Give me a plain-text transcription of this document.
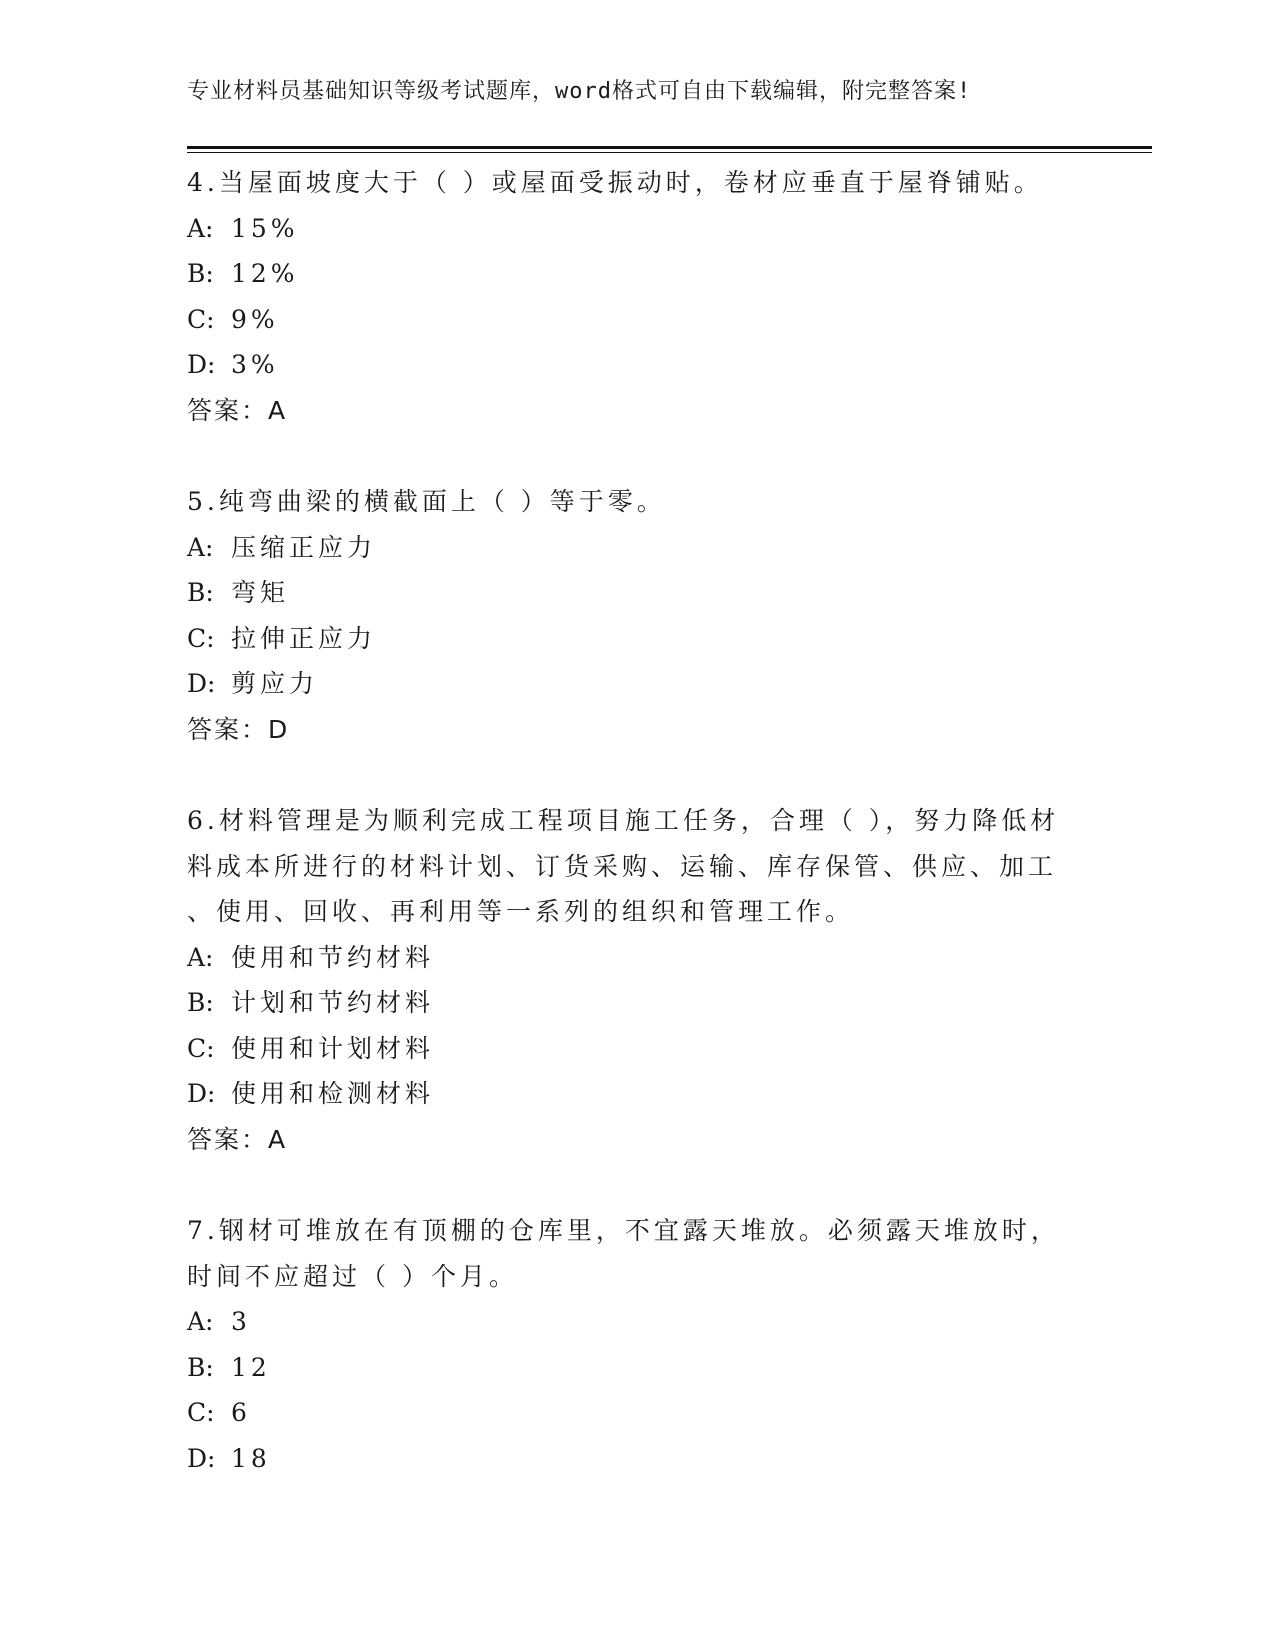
专业材料员基础知识等级考试题库，word格式可自由下载编辑，附完整答案!
4.当屋面坡度大于（ ）或屋面受振动时，卷材应垂直于屋脊铺贴。
A: 15%
B: 12%
C: 9%
D: 3%
答案：A
5.纯弯曲梁的横截面上（ ）等于零。
A: 压缩正应力
B: 弯矩
C: 拉伸正应力
D: 剪应力
答案：D
6.材料管理是为顺利完成工程项目施工任务，合理（ ），努力降低材
料成本所进行的材料计划、订货采购、运输、库存保管、供应、加工
、使用、回收、再利用等一系列的组织和管理工作。
A: 使用和节约材料
B: 计划和节约材料
C: 使用和计划材料
D: 使用和检测材料
答案：A
7.钢材可堆放在有顶棚的仓库里，不宜露天堆放。必须露天堆放时，
时间不应超过（ ）个月。
A: 3
B: 12
C: 6
D: 18
